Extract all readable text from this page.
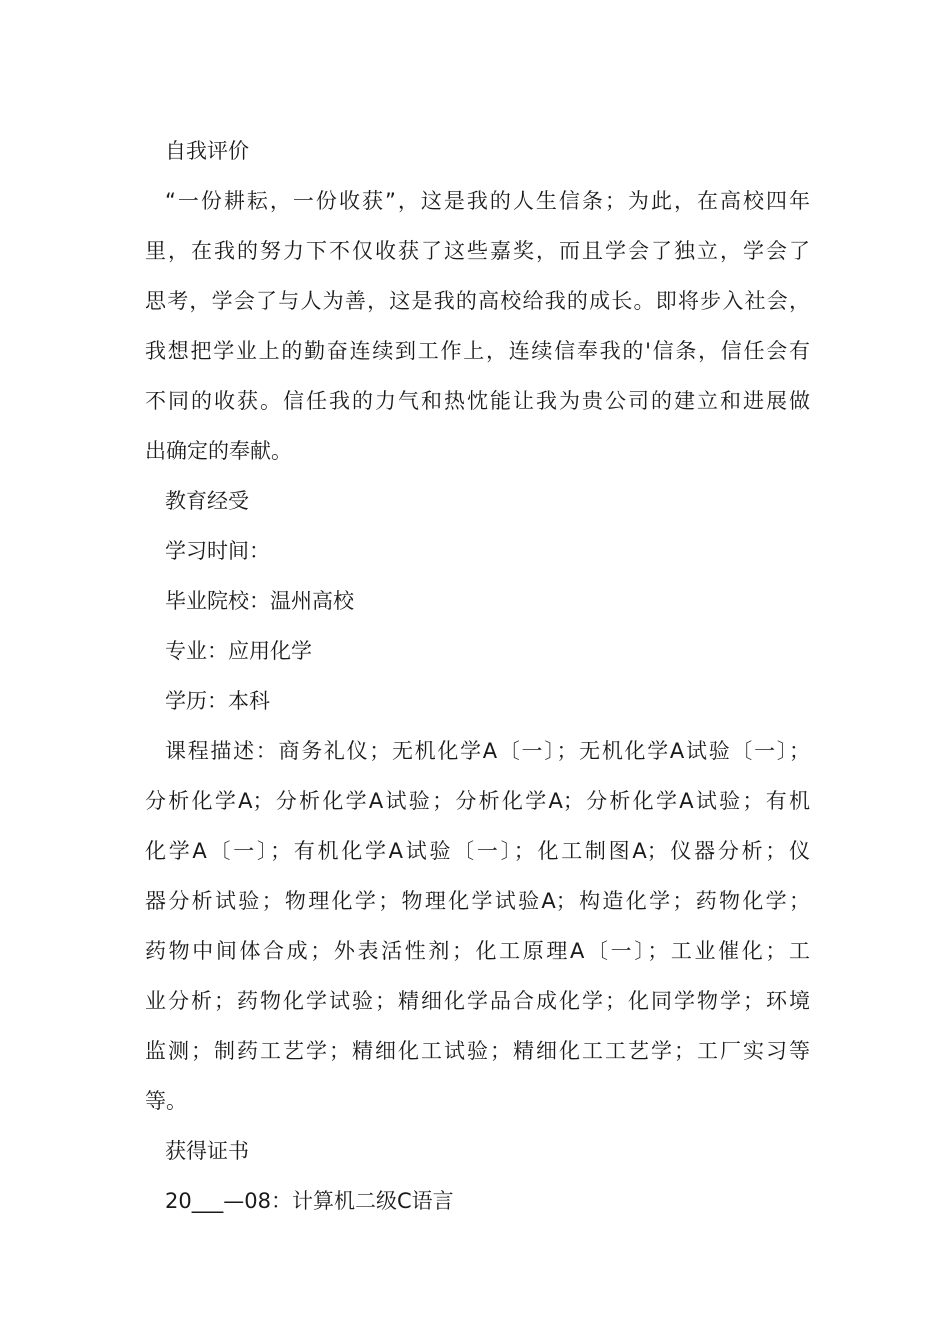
自我评价
“一份耕耘，一份收获”，这是我的人生信条；为此，在高校四年
里，在我的努力下不仅收获了这些嘉奖，而且学会了独立，学会了
思考，学会了与人为善，这是我的高校给我的成长。即将步入社会，
我想把学业上的勤奋连续到工作上，连续信奉我的'信条，信任会有
不同的收获。信任我的力气和热忱能让我为贵公司的建立和进展做
出确定的奉献。
教育经受
学习时间：
毕业院校：温州高校
专业：应用化学
学历：本科
课程描述：商务礼仪；无机化学A〔一〕；无机化学A试验〔一〕；
分析化学A；分析化学A试验；分析化学A；分析化学A试验；有机
化学A〔一〕；有机化学A试验〔一〕；化工制图A；仪器分析；仪
器分析试验；物理化学；物理化学试验A；构造化学；药物化学；
药物中间体合成；外表活性剂；化工原理A〔一〕；工业催化；工
业分析；药物化学试验；精细化学品合成化学；化同学物学；环境
监测；制药工艺学；精细化工试验；精细化工工艺学；工厂实习等
等。
获得证书
20___—08：计算机二级C语言
